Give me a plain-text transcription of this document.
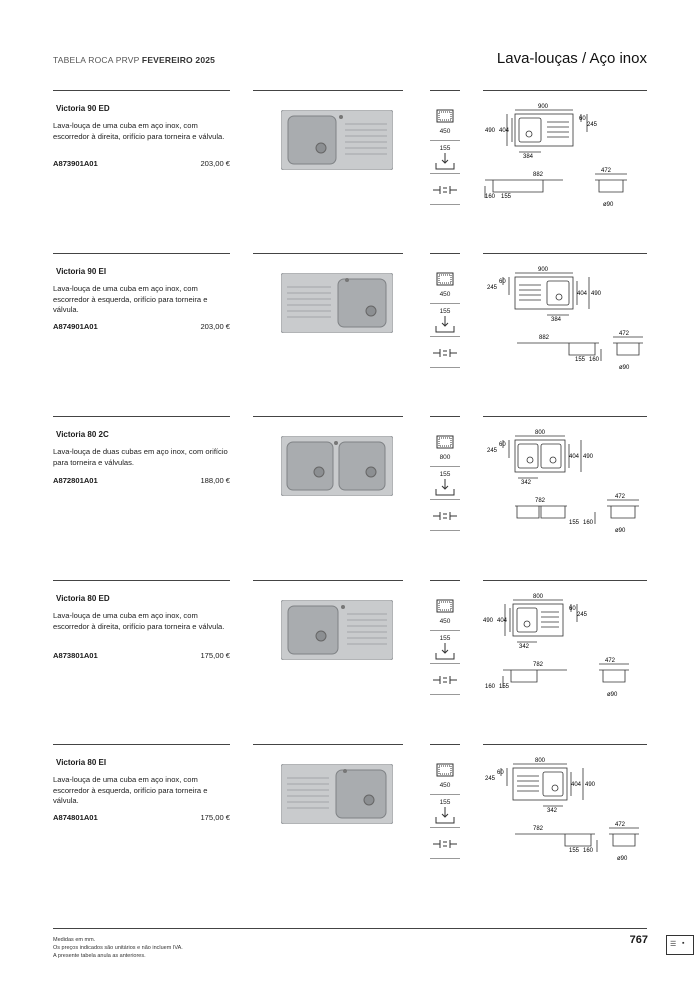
TABELA ROCA PRVP FEVEREIRO 2025	Lava-louças / Aço inox
Victoria 90 ED
Lava-louça de uma cuba em aço inox, com escorredor à direita, orifício para torneira e válvula.
A873901A01	203,00 €
450
155
900
490 404
60
245
384
882
160 155
472
ø90
Victoria 90 EI
Lava-louça de uma cuba em aço inox, com escorredor à esquerda, orifício para torneira e válvula.
A874901A01	203,00 €
450
155
900
404 490
60
245
384
882
155 160
472
ø90
Victoria 80 2C
Lava-louça de duas cubas em aço inox, com orifício para torneira e válvulas.
A872801A01	188,00 €
800
155
800
404 490
60
245
342
782
155 160
472
ø90
Victoria 80 ED
Lava-louça de uma cuba em aço inox, com escorredor à direita, orifício para torneira e válvula.
A873801A01	175,00 €
450
155
800
490 404
60
245
342
782
160 155
472
ø90
Victoria 80 EI
Lava-louça de uma cuba em aço inox, com escorredor à esquerda, orifício para torneira e válvula.
A874801A01	175,00 €
450
155
800
404 490
60
245
342
782
155 160
472
ø90
Medidas em mm.
Os preços indicados são unitários e não incluem IVA.
A presente tabela anula as anteriores.
767	☰ ▪
